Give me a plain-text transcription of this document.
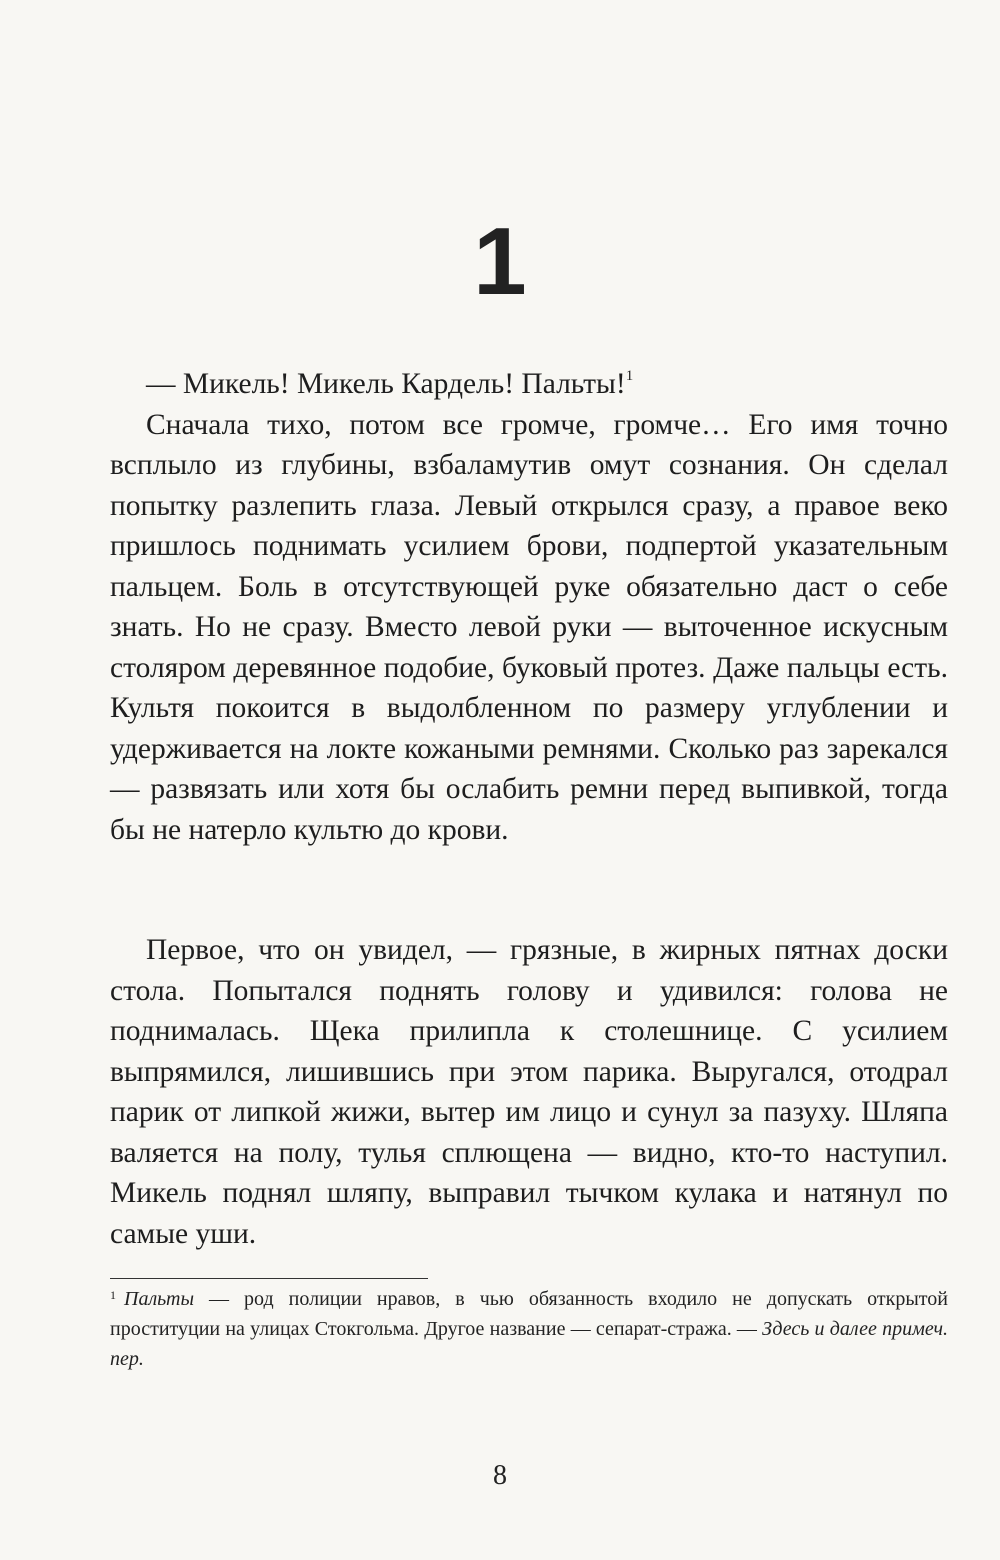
1

— Микель! Микель Кардель! Пальты!$^1$

Сначала тихо, потом все громче, громче… Его имя точно всплыло из глубины, взбаламутив омут сознания. Он сделал попытку разлепить глаза. Левый открылся сразу, а правое веко пришлось поднимать усилием брови, подпертой указательным пальцем. Боль в отсутствующей руке обязательно даст о себе знать. Но не сразу. Вместо левой руки — выточенное искусным столяром деревянное подобие, буковый протез. Даже пальцы есть. Культя покоится в выдолбленном по размеру углублении и удерживается на локте кожаными ремнями. Сколько раз зарекался — развязать или хотя бы ослабить ремни перед выпивкой, тогда бы не натерло культю до крови.

Первое, что он увидел, — грязные, в жирных пятнах доски стола. Попытался поднять голову и удивился: голова не поднималась. Щека прилипла к столешнице. С усилием выпрямился, лишившись при этом парика. Выругался, отодрал парик от липкой жижи, вытер им лицо и сунул за пазуху. Шляпа валяется на полу, тулья сплющена — видно, кто-то наступил. Микель поднял шляпу, выправил тычком кулака и натянул по самые уши.

$^1$ Пальты — род полиции нравов, в чью обязанность входило не допускать открытой проституции на улицах Стокгольма. Другое название — сепарат-стража. — Здесь и далее примеч. пер.
8
